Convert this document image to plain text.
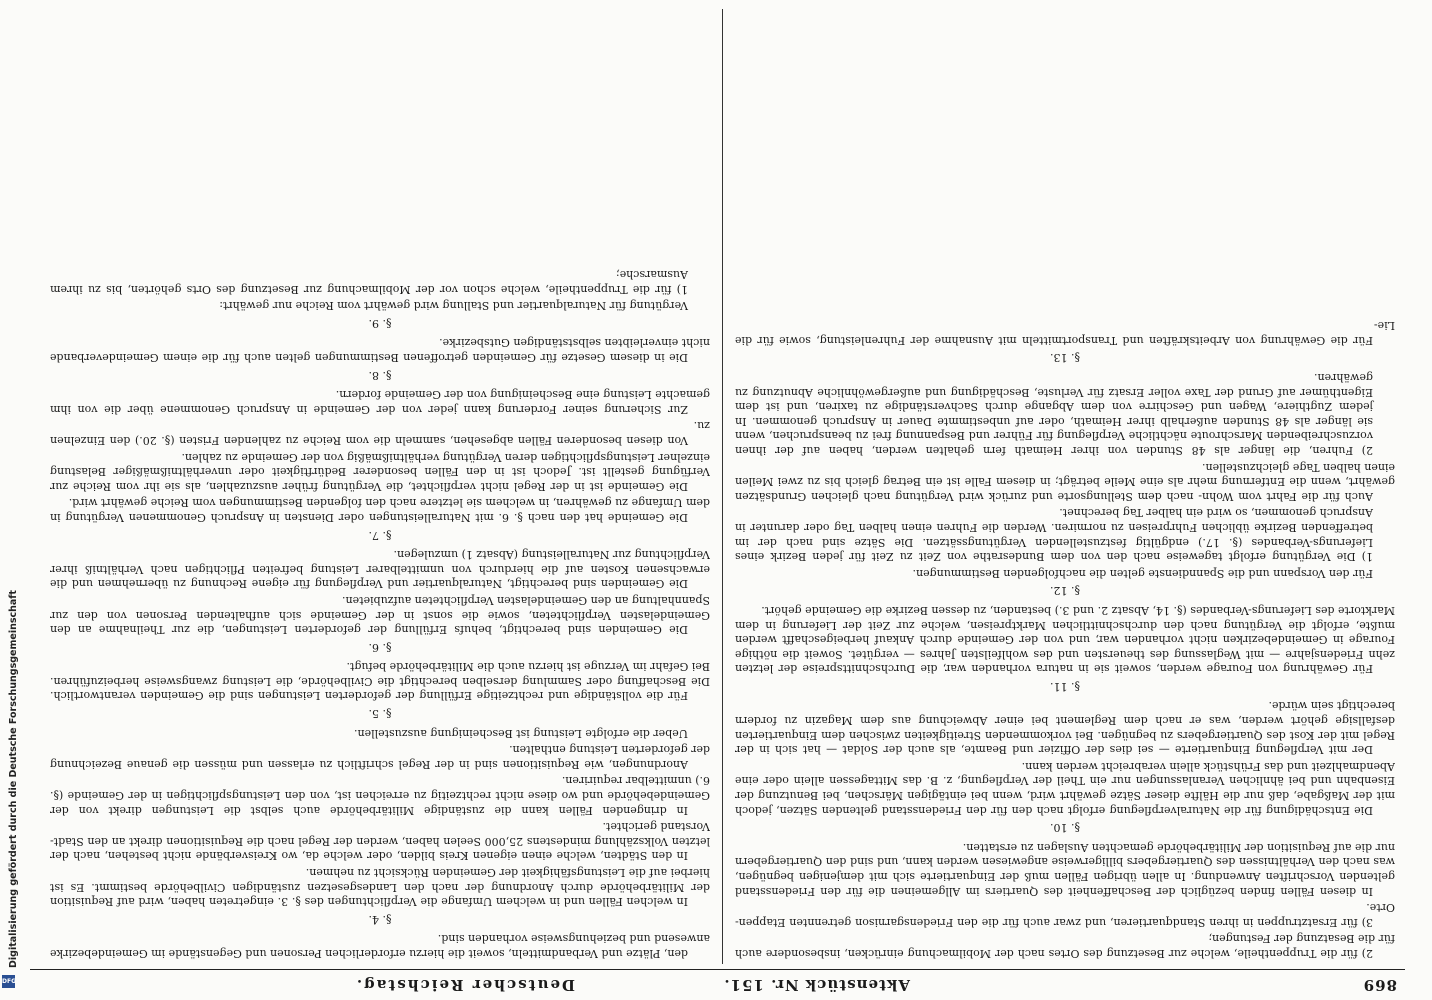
869
Aktenstück Nr. 151.
Deutscher Reichstag.

2) für die Truppentheile, welche zur Besetzung des Ortes nach der Mobilmachung einrücken, insbesondere auch für die Besatzung der Festungen;

3) für Ersatztruppen in ihren Standquartieren, und zwar auch für die den Friedensgarnison getrennten Etappen-Orte.

In diesen Fällen finden bezüglich der Beschaffenheit des Quartiers im Allgemeinen die für den Friedensstand geltenden Vorschriften Anwendung. In allen übrigen Fällen muß der Einquartierte sich mit demjenigen begnügen, was nach den Verhältnissen des Quartiergebers billigerweise angewiesen werden kann, und sind den Quartiergebern nur die auf Requisition der Militärbehörde gemachten Auslagen zu erstatten.

§. 10.

Die Entschädigung für die Naturalverpflegung erfolgt nach den für den Friedensstand geltenden Sätzen, jedoch mit der Maßgabe, daß nur die Hälfte dieser Sätze gewährt wird, wenn bei eintägigen Märschen, bei Benutzung der Eisenbahn und bei ähnlichen Veranlassungen nur ein Theil der Verpflegung, z. B. das Mittagessen allein oder eine Abendmahlzeit und das Frühstück allein verabreicht werden kann.

Der mit Verpflegung Einquartierte — sei dies der Offizier und Beamte, als auch der Soldat — hat sich in der Regel mit der Kost des Quartiergebers zu begnügen. Bei vorkommenden Streitigkeiten zwischen dem Einquartierten desfallsige gehört werden, was er nach dem Reglement bei einer Abweichung aus dem Magazin zu fordern berechtigt sein würde.

§. 11.

Für Gewährung von Fourage werden, soweit sie in natura vorhanden war, die Durchschnittspreise der letzten zehn Friedensjahre — mit Weglassung des theuersten und des wohlfeilsten Jahres — vergütet. Soweit die nöthige Fourage in Gemeindebezirken nicht vorhanden war, und von der Gemeinde durch Ankauf herbeigeschafft werden mußte, erfolgt die Vergütung nach den durchschnittlichen Marktpreisen, welche zur Zeit der Lieferung in dem Marktorte des Lieferungs-Verbandes (§. 14, Absatz 2. und 3.) bestanden, zu dessen Bezirke die Gemeinde gehört.

§. 12.

Für den Vorspann und die Spanndienste gelten die nachfolgenden Bestimmungen.

1) Die Vergütung erfolgt tageweise nach den von dem Bundesrathe von Zeit zu Zeit für jeden Bezirk eines Lieferungs-Verbandes (§. 17.) endgültig festzustellenden Vergütungssätzen. Die Sätze sind nach der im betreffenden Bezirke üblichen Fuhrpreisen zu normiren. Werden die Fuhren einen halben Tag oder darunter in Anspruch genommen, so wird ein halber Tag berechnet.

Auch für die Fahrt vom Wohn- nach dem Stellungsorte und zurück wird Vergütung nach gleichen Grundsätzen gewährt, wenn die Entfernung mehr als eine Meile beträgt; in diesem Falle ist ein Betrag gleich bis zu zwei Meilen einen halben Tage gleichzustellen.

2) Fuhren, die länger als 48 Stunden von ihrer Heimath fern gehalten werden, haben auf der ihnen vorzuschreibenden Marschroute nächtliche Verpflegung für Führer und Bespannung frei zu beanspruchen, wenn sie länger als 48 Stunden außerhalb ihrer Heimath, oder auf unbestimmte Dauer in Anspruch genommen. In jedem Zugthiere, Wagen und Geschirre von dem Abgange durch Sachverständige zu taxiren, und ist dem Eigenthümer auf Grund der Taxe voller Ersatz für Verluste, Beschädigung und außergewöhnliche Abnutzung zu gewähren.

§. 13.

Für die Gewährung von Arbeitskräften und Transportmitteln mit Ausnahme der Fuhrenleistung, sowie für die Lie-

den, Plätze und Verbandmitteln, soweit die hierzu erforderlichen Personen und Gegenstände im Gemeindebezirke anwesend und beziehungsweise vorhanden sind.

§. 4.

In welchen Fällen und in welchem Umfange die Verpflichtungen des §. 3. eingetreten haben, wird auf Requisition der Militärbehörde durch Anordnung der nach den Landesgesetzen zuständigen Civilbehörde bestimmt. Es ist hierbei auf die Leistungsfähigkeit der Gemeinden Rücksicht zu nehmen.

In den Städten, welche einen eigenen Kreis bilden, oder welche da, wo Kreisverbände nicht bestehen, nach der letzten Volkszählung mindestens 25,000 Seelen haben, werden der Regel nach die Requisitionen direkt an den Stadt-Vorstand gerichtet.

In dringenden Fällen kann die zuständige Militärbehörde auch selbst die Leistungen direkt von der Gemeindebehörde und wo diese nicht rechtzeitig zu erreichen ist, von den Leistungspflichtigen in der Gemeinde (§. 6.) unmittelbar requiriren.

Anordnungen, wie Requisitionen sind in der Regel schriftlich zu erlassen und müssen die genaue Bezeichnung der geforderten Leistung enthalten.

Ueber die erfolgte Leistung ist Bescheinigung auszustellen.

§. 5.

Für die vollständige und rechtzeitige Erfüllung der geforderten Leistungen sind die Gemeinden verantwortlich. Die Beschaffung oder Sammlung derselben berechtigt die Civilbehörde, die Leistung zwangsweise herbeizuführen. Bei Gefahr im Verzuge ist hierzu auch die Militärbehörde befugt.

§. 6.

Die Gemeinden sind berechtigt, behufs Erfüllung der geforderten Leistungen, die zur Theilnahme an den Gemeindelasten Verpflichteten, sowie die sonst in der Gemeinde sich aufhaltenden Personen von den zur Spannhaltung an den Gemeindelasten Verpflichteten aufzubieten.

Die Gemeinden sind berechtigt, Naturalquartier und Verpflegung für eigene Rechnung zu übernehmen und die erwachsenen Kosten auf die hierdurch von unmittelbarer Leistung befreiten Pflichtigen nach Verhältniß ihrer Verpflichtung zur Naturalleistung (Absatz 1) umzulegen.

§. 7.

Die Gemeinde hat den nach §. 6. mit Naturalleistungen oder Diensten in Anspruch Genommenen Vergütung in dem Umfange zu gewähren, in welchem sie letztere nach den folgenden Bestimmungen vom Reiche gewährt wird.

Die Gemeinde ist in der Regel nicht verpflichtet, die Vergütung früher auszuzahlen, als sie ihr vom Reiche zur Verfügung gestellt ist. Jedoch ist in den Fällen besonderer Bedürftigkeit oder unverhältnißmäßiger Belastung einzelner Leistungspflichtigen deren Vergütung verhältnißmäßig von der Gemeinde zu zahlen.

Von diesen besonderen Fällen abgesehen, sammeln die vom Reiche zu zahlenden Fristen (§. 20.) den Einzelnen zu.

Zur Sicherung seiner Forderung kann jeder von der Gemeinde in Anspruch Genommene über die von ihm gemachte Leistung eine Bescheinigung von der Gemeinde fordern.

§. 8.

Die in diesem Gesetze für Gemeinden getroffenen Bestimmungen gelten auch für die einem Gemeindeverbande nicht einverleibten selbstständigen Gutsbezirke.

§. 9.

Vergütung für Naturalquartier und Stallung wird gewährt vom Reiche nur gewährt:

1) für die Truppentheile, welche schon vor der Mobilmachung zur Besetzung des Orts gehörten, bis zu ihrem Ausmarsche;

DFG
Digitalisierung gefördert durch die Deutsche Forschungsgemeinschaft
